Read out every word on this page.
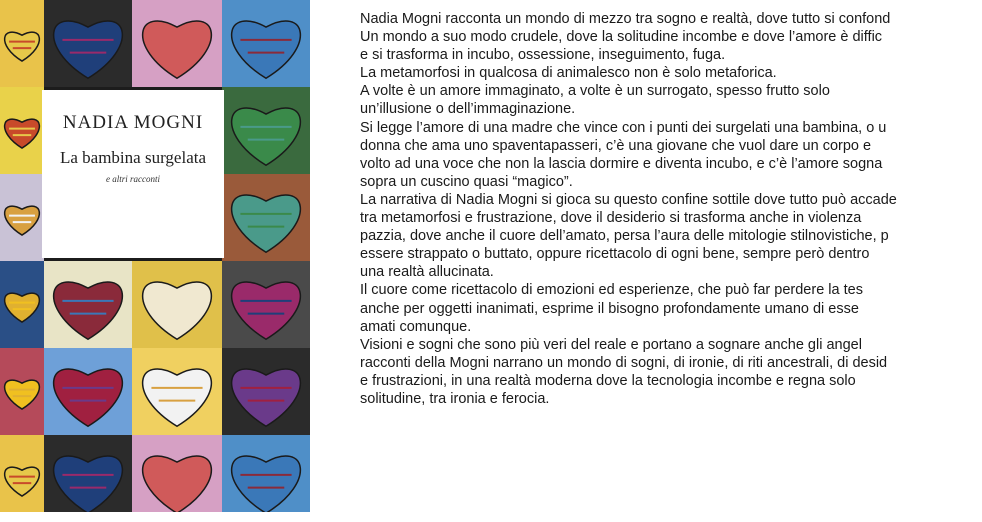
NADIA MOGNI
La bambina surgelata
e altri racconti
Nadia Mogni racconta un mondo di mezzo tra sogno e realtà, dove tutto si confond
Un mondo a suo modo crudele, dove la solitudine incombe e dove l’amore è diffic
e si trasforma in incubo, ossessione, inseguimento, fuga.
La metamorfosi in qualcosa di animalesco non è solo metaforica.
A volte è un amore immaginato, a volte è un surrogato, spesso frutto solo
un’illusione o dell’immaginazione.
Si legge l’amore di una madre che vince con i punti dei surgelati una bambina, o u
donna che ama uno spaventapasseri, c’è una giovane che vuol dare un corpo e
volto ad una voce che non la lascia dormire e diventa incubo, e c’è l’amore sogna
sopra un cuscino quasi “magico”.
La narrativa di Nadia Mogni si gioca su questo confine sottile dove tutto può accade
tra metamorfosi e frustrazione, dove il desiderio si trasforma anche in violenza
pazzia, dove anche il cuore dell’amato, persa l’aura delle mitologie stilnovistiche, p
essere strappato o buttato, oppure ricettacolo di ogni bene, sempre però dentro
una realtà allucinata.
Il cuore come ricettacolo di emozioni ed esperienze, che può far perdere la tes
anche per oggetti inanimati, esprime il bisogno profondamente umano di esse
amati comunque.
Visioni e sogni che sono più veri del reale e portano a sognare anche gli angel
racconti della Mogni narrano un mondo di sogni, di ironie, di riti ancestrali, di desid
e frustrazioni, in una realtà moderna dove la tecnologia incombe e regna solo
solitudine, tra ironia e ferocia.
